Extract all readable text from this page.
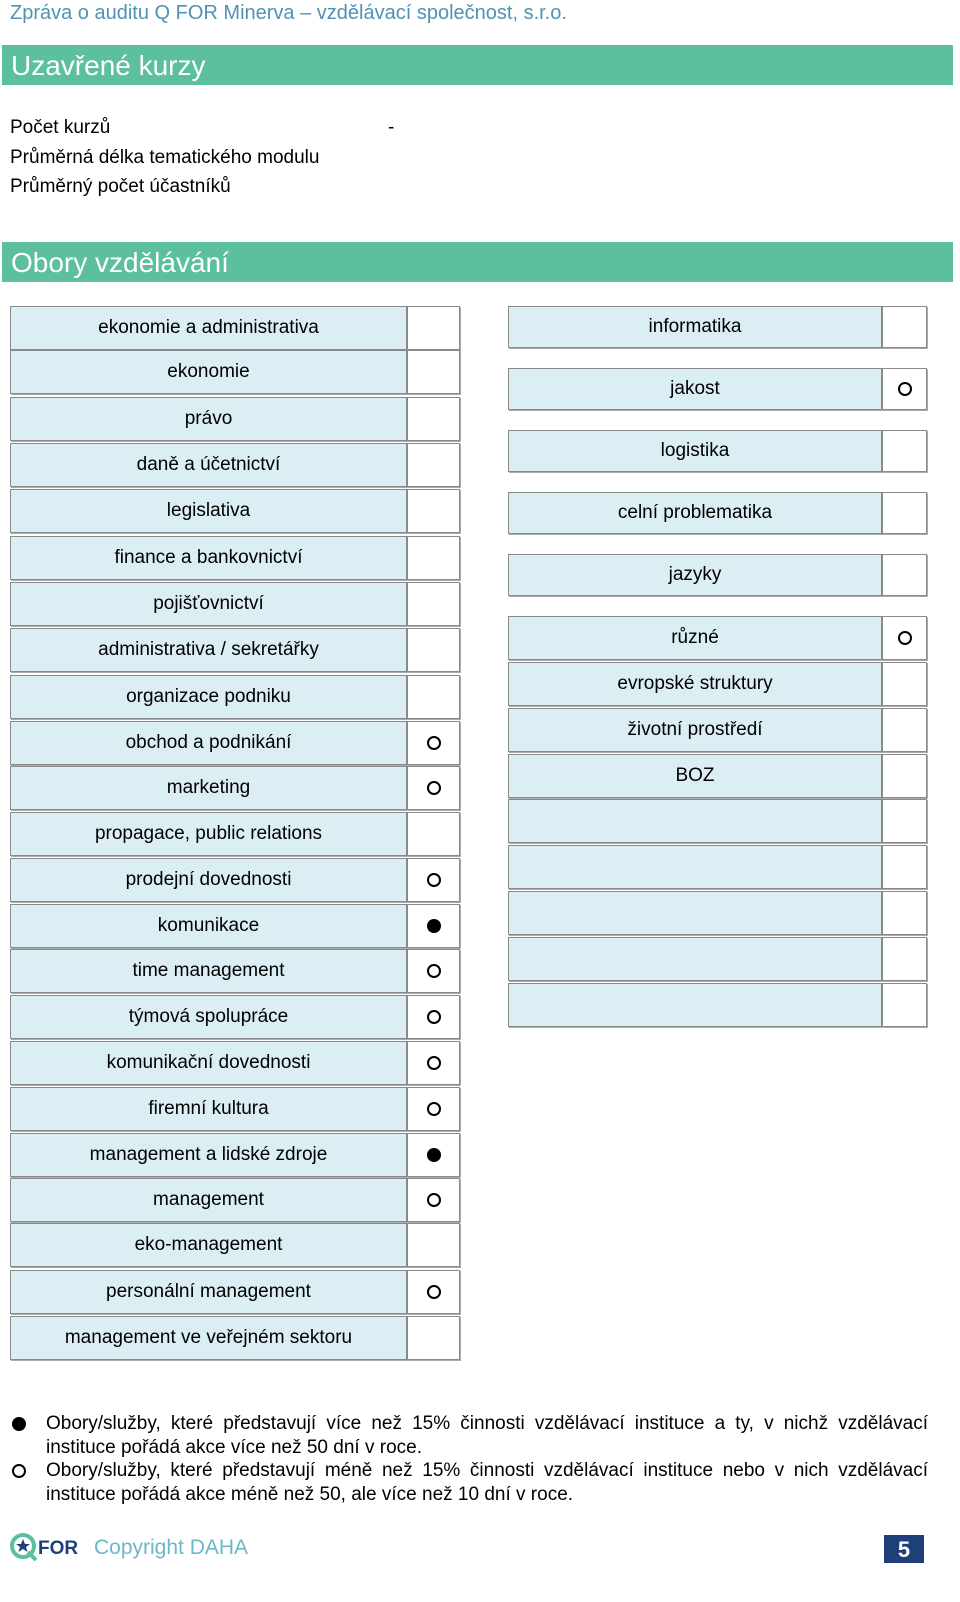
Zpráva o auditu Q FOR Minerva – vzdělávací společnost, s.r.o.
Uzavřené kurzy
Počet kurzů	-
Průměrná délka tematického modulu
Průměrný počet účastníků
Obory vzdělávání
ekonomie a administrativa
ekonomie
právo
daně a účetnictví
legislativa
finance a bankovnictví
pojišťovnictví
administrativa / sekretářky
organizace podniku
obchod a podnikání
marketing
propagace, public relations
prodejní dovednosti
komunikace
time management
týmová spolupráce
komunikační dovednosti
firemní kultura
management a lidské zdroje
management
eko-management
personální management
management ve veřejném sektoru
informatika
jakost
logistika
celní problematika
jazyky
různé
evropské struktury
životní prostředí
BOZ
Obory/služby, které představují více než 15% činnosti vzdělávací instituce a ty, v nichž vzdělávací instituce pořádá akce více než 50 dní v roce.
Obory/služby, které představují méně než 15% činnosti vzdělávací instituce nebo v nich vzdělávací instituce pořádá akce méně než 50, ale více než 10 dní v roce.
FOR Copyright DAHA	5
